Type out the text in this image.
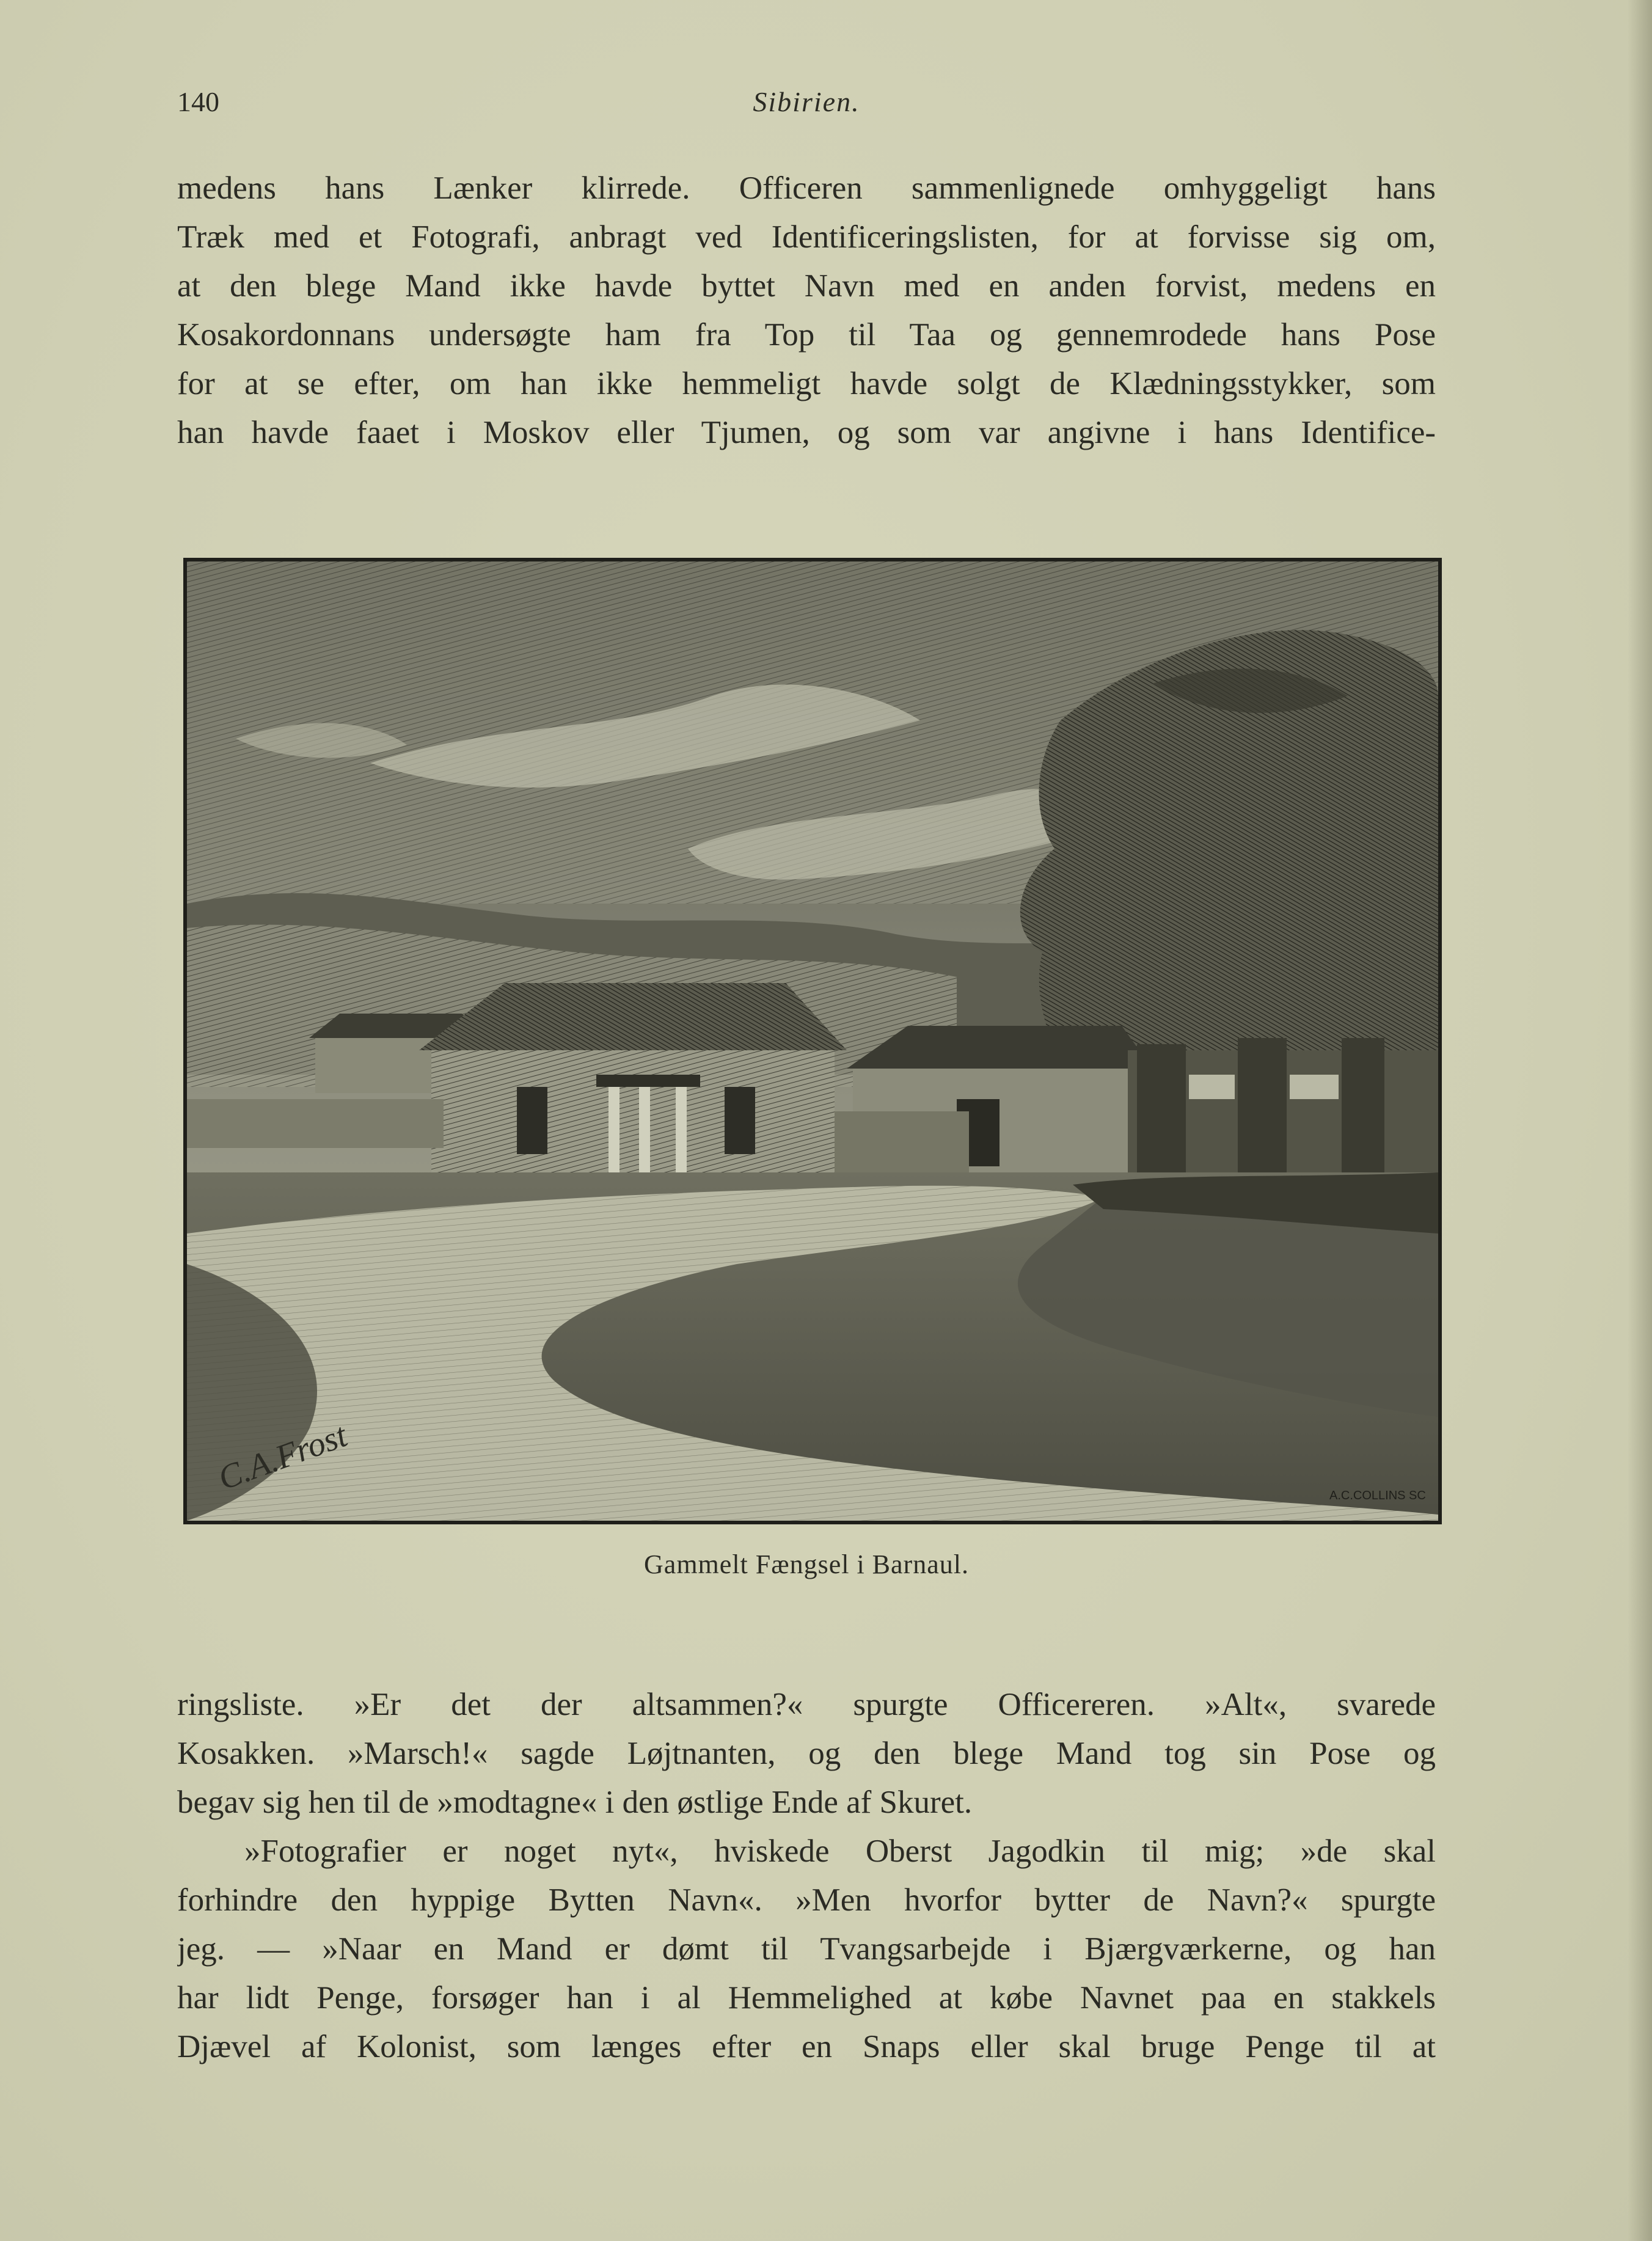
140	Sibirien.

medens hans Lænker klirrede. Officeren sammenlignede omhyggeligt hans
Træk med et Fotografi, anbragt ved Identificeringslisten, for at forvisse sig om,
at den blege Mand ikke havde byttet Navn med en anden forvist, medens en
Kosakordonnans undersøgte ham fra Top til Taa og gennemrodede hans Pose
for at se efter, om han ikke hemmeligt havde solgt de Klædningsstykker, som
han havde faaet i Moskov eller Tjumen, og som var angivne i hans Identifice-

C.A.Frost	A.C.COLLINS SC
Gammelt Fængsel i Barnaul.

ringsliste. »Er det der altsammen?« spurgte Officereren. »Alt«, svarede
Kosakken. »Marsch!« sagde Løjtnanten, og den blege Mand tog sin Pose og
begav sig hen til de »modtagne« i den østlige Ende af Skuret.

»Fotografier er noget nyt«, hviskede Oberst Jagodkin til mig; »de skal
forhindre den hyppige Bytten Navn«. »Men hvorfor bytter de Navn?« spurgte
jeg. — »Naar en Mand er dømt til Tvangsarbejde i Bjærgværkerne, og han
har lidt Penge, forsøger han i al Hemmelighed at købe Navnet paa en stakkels
Djævel af Kolonist, som længes efter en Snaps eller skal bruge Penge til at
